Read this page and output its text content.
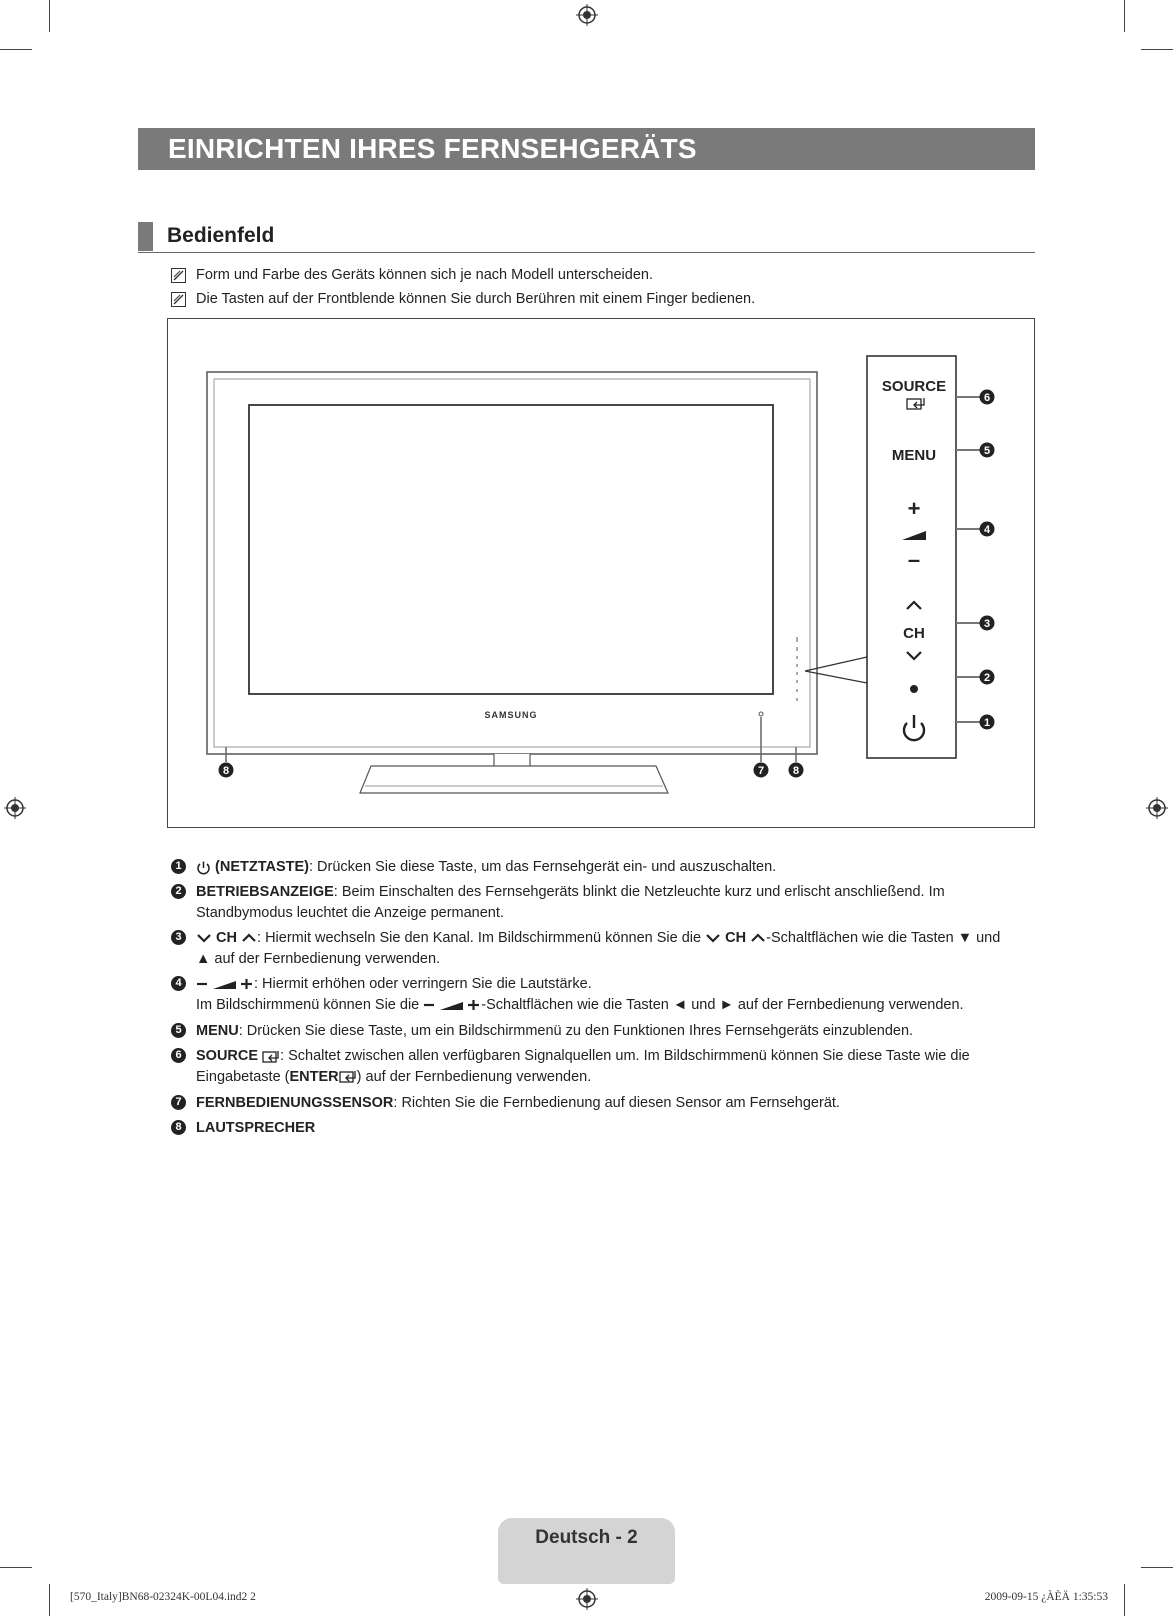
EINRICHTEN IHRES FERNSEHGERÄTS
Bedienfeld
Form und Farbe des Geräts können sich je nach Modell unterscheiden.
Die Tasten auf der Frontblende können Sie durch Berühren mit einem Finger bedienen.
SAMSUNG
SOURCE
MENU
+
–
CH
6
5
4
3
2
1
8	7	8
1	(NETZTASTE): Drücken Sie diese Taste, um das Fernsehgerät ein- und auszuschalten.
2 BETRIEBSANZEIGE: Beim Einschalten des Fernsehgeräts blinkt die Netzleuchte kurz und erlischt anschließend. Im Standbymodus leuchtet die Anzeige permanent.
3	CH : Hiermit wechseln Sie den Kanal. Im Bildschirmmenü können Sie die CH -Schaltflächen wie die Tasten ▼ und ▲ auf der Fernbedienung verwenden.
4	: Hiermit erhöhen oder verringern Sie die Lautstärke.
Im Bildschirmmenü können Sie die	-Schaltflächen wie die Tasten ◄ und ► auf der Fernbedienung verwenden.
5 MENU: Drücken Sie diese Taste, um ein Bildschirmmenü zu den Funktionen Ihres Fernsehgeräts einzublenden.
6 SOURCE : Schaltet zwischen allen verfügbaren Signalquellen um. Im Bildschirmmenü können Sie diese Taste wie die Eingabetaste (ENTER ) auf der Fernbedienung verwenden.
7 FERNBEDIENUNGSSENSOR: Richten Sie die Fernbedienung auf diesen Sensor am Fernsehgerät.
8 LAUTSPRECHER
Deutsch - 2
[570_Italy]BN68-02324K-00L04.ind2 2	2009-09-15 ¿ÀÈÄ 1:35:53
